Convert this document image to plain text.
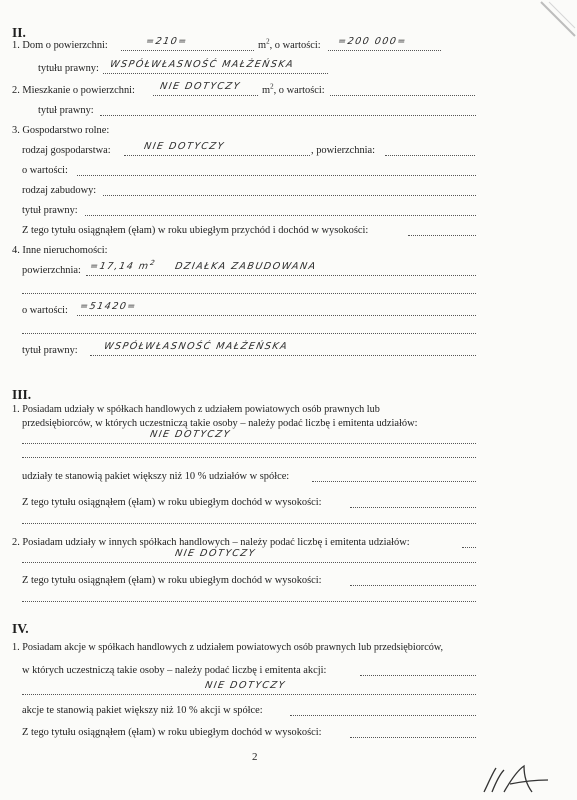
II.
1. Dom o powierzchni:	=210=	$m^2$, o wartości: =200 000=
tytułu prawny: WSPÓŁWŁASNOŚĆ MAŁŻEŃSKA
2. Mieszkanie o powierzchni:	NIE DOTYCZY $m^2$, o wartości:
tytuł prawny:
3. Gospodarstwo rolne:
rodzaj gospodarstwa:	NIE DOTYCZY	, powierzchnia:
o wartości:
rodzaj zabudowy:
tytuł prawny:
Z tego tytułu osiągnąłem (ęłam) w roku ubiegłym przychód i dochód w wysokości:
4. Inne nieruchomości:
powierzchnia: =17,14 $m^2$ DZIAŁKA ZABUDOWANA
o wartości: =51420=
tytuł prawny:	WSPÓŁWŁASNOŚĆ MAŁŻEŃSKA
III.
1. Posiadam udziały w spółkach handlowych z udziałem powiatowych osób prawnych lub
przedsiębiorców, w których uczestniczą takie osoby – należy podać liczbę i emitenta udziałów:
NIE DOTYCZY
udziały te stanowią pakiet większy niż 10 % udziałów w spółce:
Z tego tytułu osiągnąłem (ęłam) w roku ubiegłym dochód w wysokości:
2. Posiadam udziały w innych spółkach handlowych – należy podać liczbę i emitenta udziałów:
NIE DOTYCZY
Z tego tytułu osiągnąłem (ęłam) w roku ubiegłym dochód w wysokości:
IV.
1. Posiadam akcje w spółkach handlowych z udziałem powiatowych osób prawnych lub przedsiębiorców,
w których uczestniczą takie osoby – należy podać liczbę i emitenta akcji:
NIE DOTYCZY
akcje te stanowią pakiet większy niż 10 % akcji w spółce:
Z tego tytułu osiągnąłem (ęłam) w roku ubiegłym dochód w wysokości:
2
